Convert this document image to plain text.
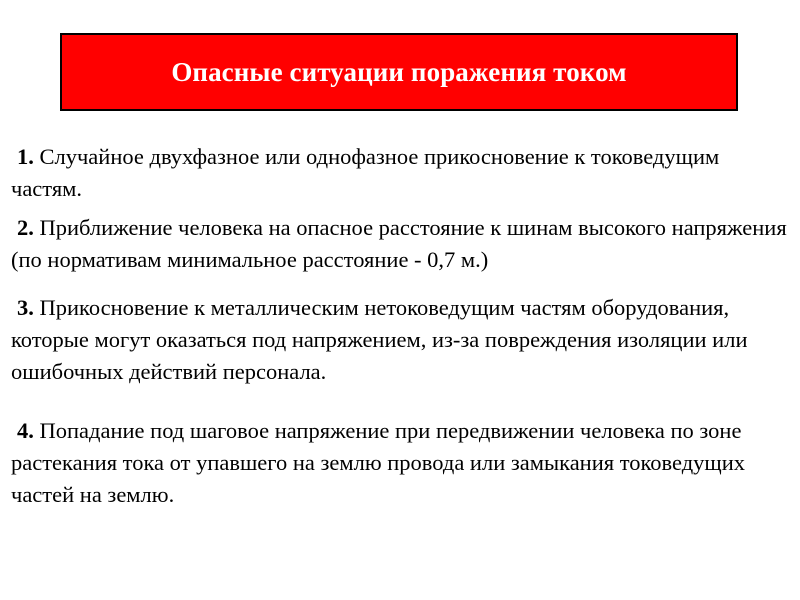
Опасные ситуации поражения током
1. Случайное двухфазное или однофазное прикосновение к токоведущим частям.
2. Приближение человека на опасное расстояние к шинам высокого напряжения (по нормативам минимальное расстояние - 0,7 м.)
3. Прикосновение к металлическим нетоковедущим частям оборудования, которые могут оказаться под напряжением, из-за повреждения изоляции или ошибочных действий персонала.
4. Попадание под шаговое напряжение при передвижении человека по зоне растекания тока от упавшего на землю провода или замыкания токоведущих частей на землю.
